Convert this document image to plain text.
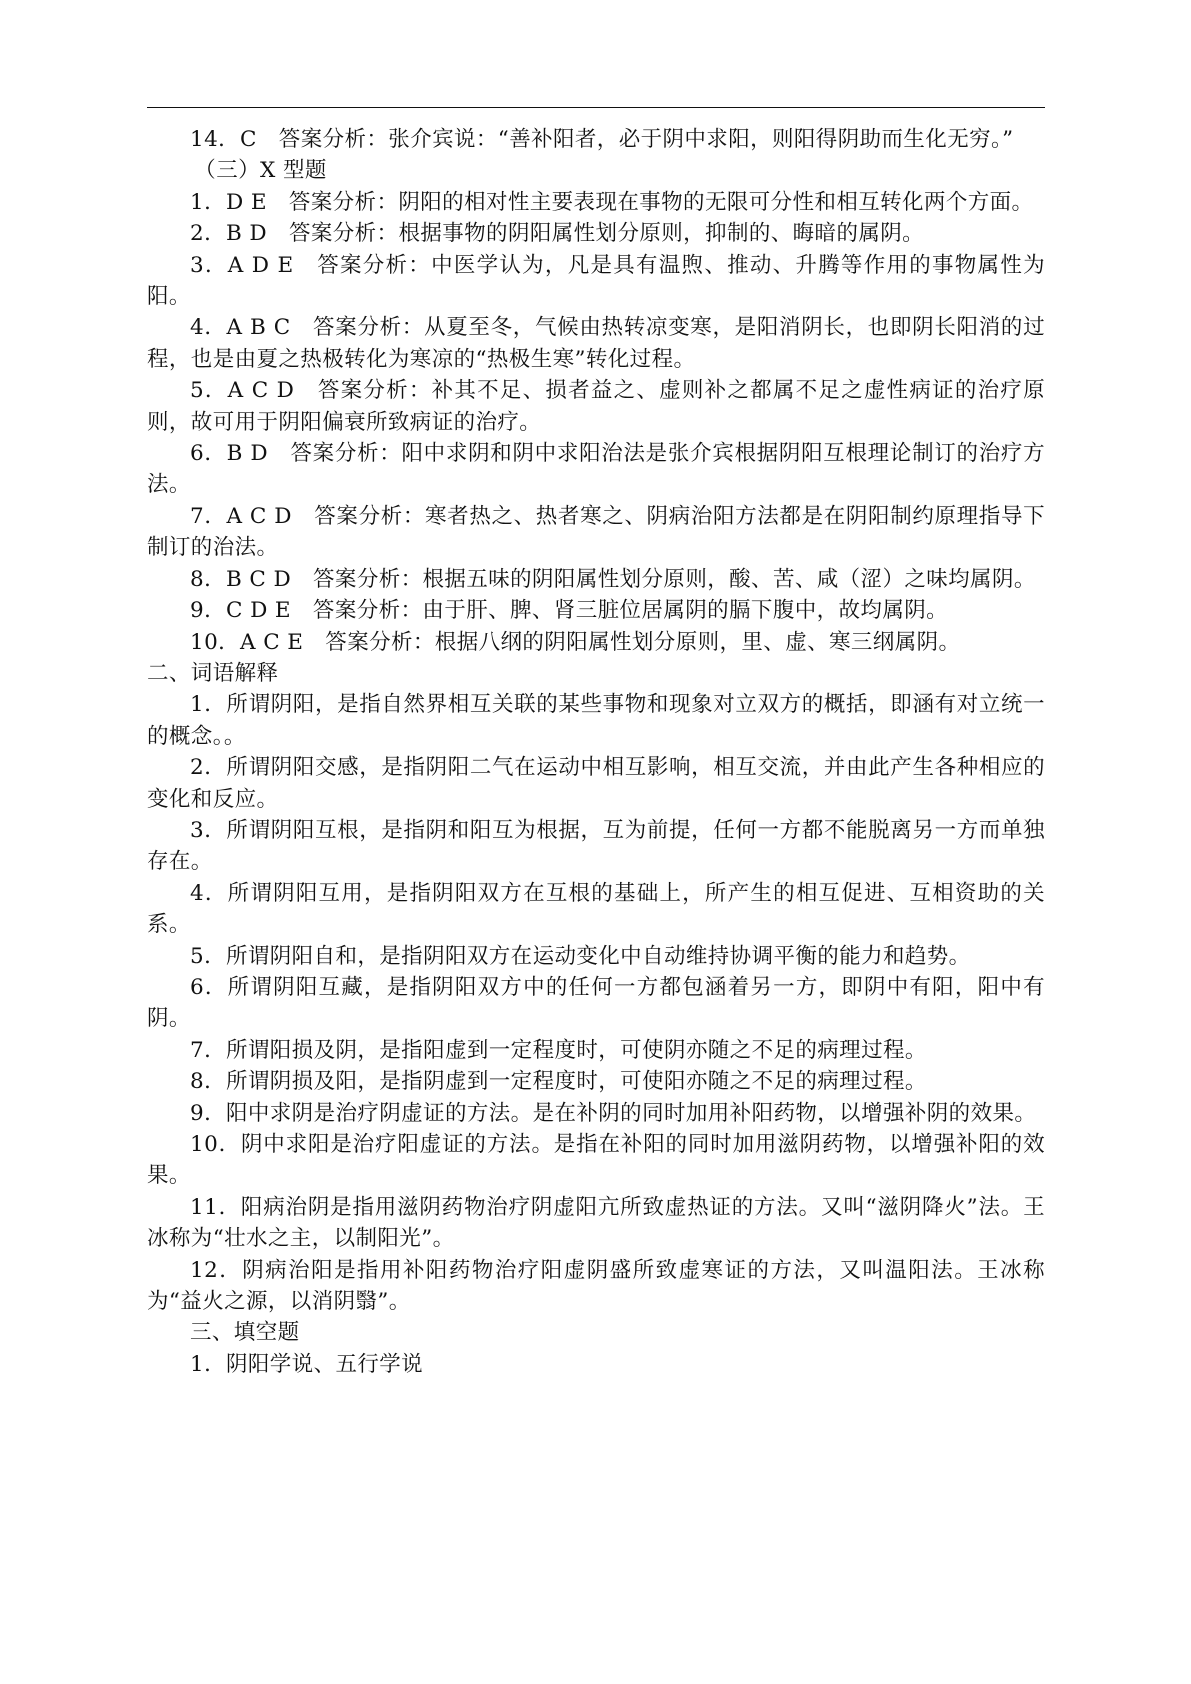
14．C　答案分析：张介宾说：“善补阳者，必于阴中求阳，则阳得阴助而生化无穷。”

（三）X 型题

1．D E　答案分析：阴阳的相对性主要表现在事物的无限可分性和相互转化两个方面。

2．B D　答案分析：根据事物的阴阳属性划分原则，抑制的、晦暗的属阴。

3．A D E　答案分析：中医学认为，凡是具有温煦、推动、升腾等作用的事物属性为阳。

4．A B C　答案分析：从夏至冬，气候由热转凉变寒，是阳消阴长，也即阴长阳消的过程，也是由夏之热极转化为寒凉的“热极生寒”转化过程。

5．A C D　答案分析：补其不足、损者益之、虚则补之都属不足之虚性病证的治疗原则，故可用于阴阳偏衰所致病证的治疗。

6．B D　答案分析：阳中求阴和阴中求阳治法是张介宾根据阴阳互根理论制订的治疗方法。

7．A C D　答案分析：寒者热之、热者寒之、阴病治阳方法都是在阴阳制约原理指导下制订的治法。

8．B C D　答案分析：根据五味的阴阳属性划分原则，酸、苦、咸（涩）之味均属阴。

9．C D E　答案分析：由于肝、脾、肾三脏位居属阴的膈下腹中，故均属阴。

10．A C E　答案分析：根据八纲的阴阳属性划分原则，里、虚、寒三纲属阴。

二、词语解释

1．所谓阴阳，是指自然界相互关联的某些事物和现象对立双方的概括，即涵有对立统一的概念。。

2．所谓阴阳交感，是指阴阳二气在运动中相互影响，相互交流，并由此产生各种相应的变化和反应。

3．所谓阴阳互根，是指阴和阳互为根据，互为前提，任何一方都不能脱离另一方而单独存在。

4．所谓阴阳互用，是指阴阳双方在互根的基础上，所产生的相互促进、互相资助的关系。

5．所谓阴阳自和，是指阴阳双方在运动变化中自动维持协调平衡的能力和趋势。

6．所谓阴阳互藏，是指阴阳双方中的任何一方都包涵着另一方，即阴中有阳，阳中有阴。

7．所谓阳损及阴，是指阳虚到一定程度时，可使阴亦随之不足的病理过程。

8．所谓阴损及阳，是指阴虚到一定程度时，可使阳亦随之不足的病理过程。

9．阳中求阴是治疗阴虚证的方法。是在补阴的同时加用补阳药物，以增强补阴的效果。

10．阴中求阳是治疗阳虚证的方法。是指在补阳的同时加用滋阴药物，以增强补阳的效果。

11．阳病治阴是指用滋阴药物治疗阴虚阳亢所致虚热证的方法。又叫“滋阴降火”法。王冰称为“壮水之主，以制阳光”。

12．阴病治阳是指用补阳药物治疗阳虚阴盛所致虚寒证的方法，又叫温阳法。王冰称为“益火之源，以消阴翳”。

三、填空题

1．阴阳学说、五行学说
